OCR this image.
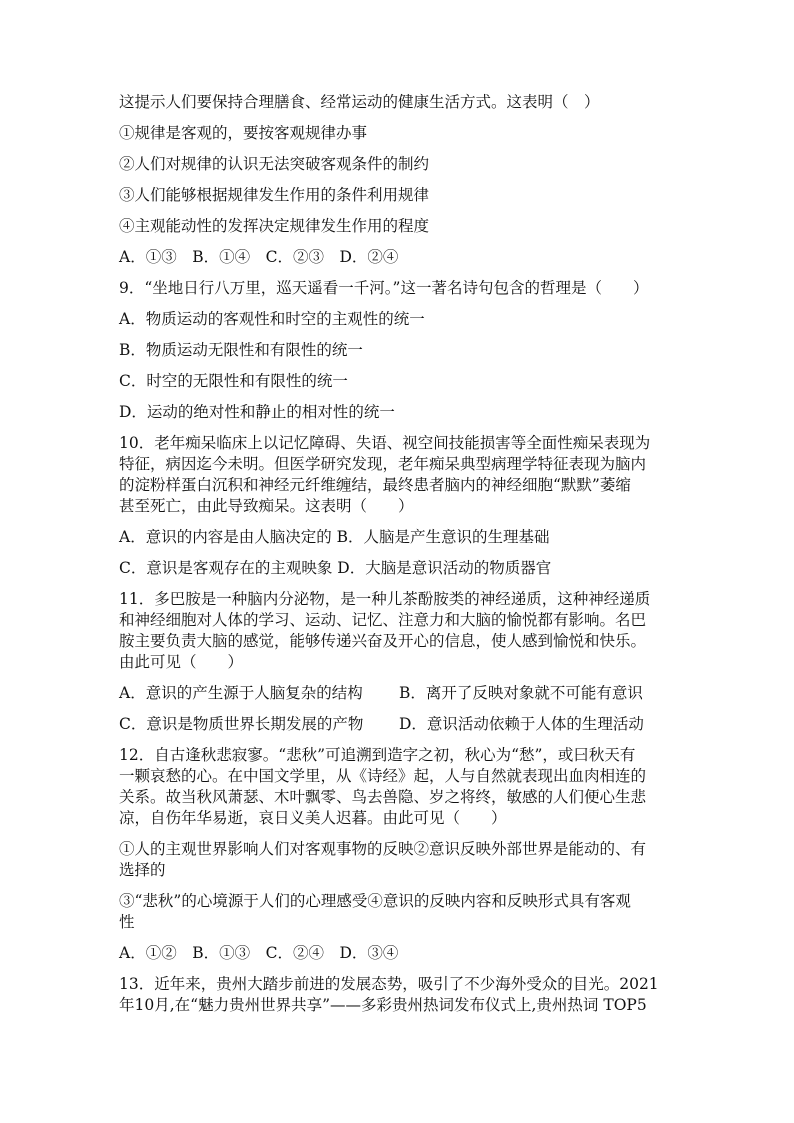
这提示人们要保持合理膳食、经常运动的健康生活方式。这表明（　）
①规律是客观的，要按客观规律办事
②人们对规律的认识无法突破客观条件的制约
③人们能够根据规律发生作用的条件利用规律
④主观能动性的发挥决定规律发生作用的程度
A．①③　B．①④　C．②③　D．②④
9．“坐地日行八万里，巡天遥看一千河。”这一著名诗句包含的哲理是（　　）
A．物质运动的客观性和时空的主观性的统一
B．物质运动无限性和有限性的统一
C．时空的无限性和有限性的统一
D．运动的绝对性和静止的相对性的统一
10．老年痴呆临床上以记忆障碍、失语、视空间技能损害等全面性痴呆表现为
特征，病因迄今未明。但医学研究发现，老年痴呆典型病理学特征表现为脑内
的淀粉样蛋白沉积和神经元纤维缠结，最终患者脑内的神经细胞“默默”萎缩
甚至死亡，由此导致痴呆。这表明（　　）
A．意识的内容是由人脑决定的 B．人脑是产生意识的生理基础
C．意识是客观存在的主观映象 D．大脑是意识活动的物质器官
11．多巴胺是一种脑内分泌物，是一种儿茶酚胺类的神经递质，这种神经递质
和神经细胞对人体的学习、运动、记忆、注意力和大脑的愉悦都有影响。名巴
胺主要负责大脑的感觉，能够传递兴奋及开心的信息，使人感到愉悦和快乐。
由此可见（　　）
A．意识的产生源于人脑复杂的结构	B．离开了反映对象就不可能有意识
C．意识是物质世界长期发展的产物	D．意识活动依赖于人体的生理活动
12．自古逢秋悲寂寥。“悲秋”可追溯到造字之初，秋心为“愁”，或曰秋天有
一颗哀愁的心。在中国文学里，从《诗经》起，人与自然就表现出血肉相连的
关系。故当秋风萧瑟、木叶飘零、鸟去兽隐、岁之将终，敏感的人们便心生悲
凉，自伤年华易逝，哀日义美人迟暮。由此可见（　　）
①人的主观世界影响人们对客观事物的反映②意识反映外部世界是能动的、有
选择的
③“悲秋”的心境源于人们的心理感受④意识的反映内容和反映形式具有客观
性
A．①②　B．①③　C．②④　D．③④
13．近年来，贵州大踏步前进的发展态势，吸引了不少海外受众的目光。2021
年10月,在“魅力贵州世界共享”——多彩贵州热词发布仪式上,贵州热词 TOP5
